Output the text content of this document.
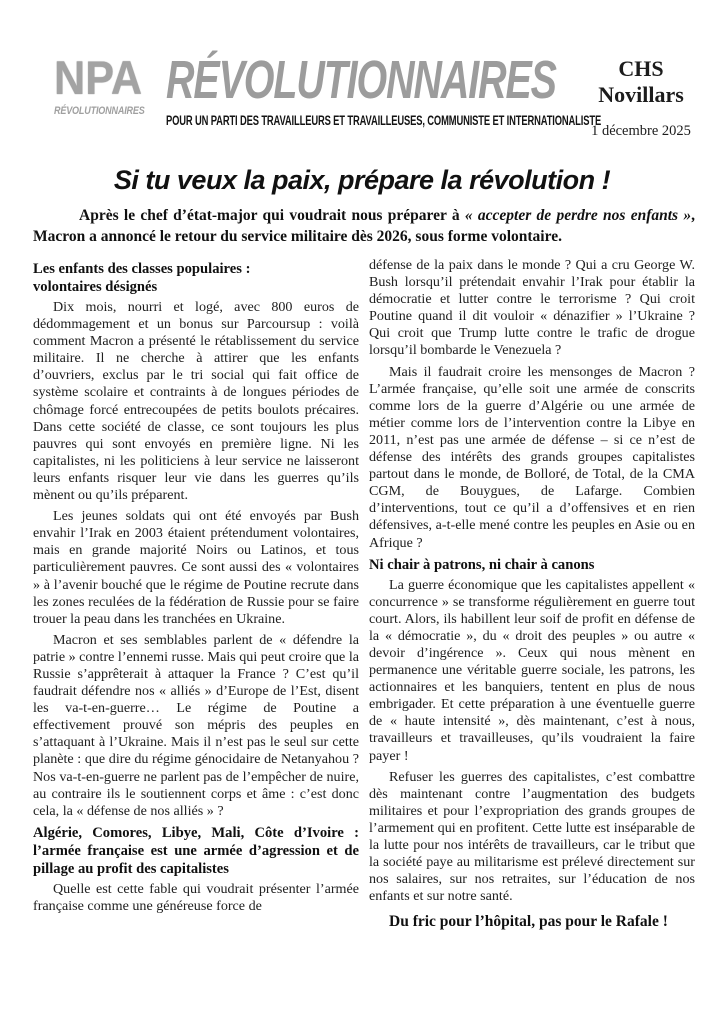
NPA
RÉVOLUTIONNAIRES
RÉVOLUTIONNAIRES
POUR UN PARTI DES TRAVAILLEURS ET TRAVAILLEUSES, COMMUNISTE ET INTERNATIONALISTE
CHS
Novillars
1 décembre 2025
Si tu veux la paix, prépare la révolution !
Après le chef d’état-major qui voudrait nous préparer à « accepter de perdre nos enfants », Macron a annoncé le retour du service militaire dès 2026, sous forme volontaire.
Les enfants des classes populaires :
volontaires désignés

Dix mois, nourri et logé, avec 800 euros de dédommagement et un bonus sur Parcoursup : voilà comment Macron a présenté le rétablissement du service militaire. Il ne cherche à attirer que les enfants d’ouvriers, exclus par le tri social qui fait office de système scolaire et contraints à de longues périodes de chômage forcé entrecoupées de petits boulots précaires. Dans cette société de classe, ce sont toujours les plus pauvres qui sont envoyés en première ligne. Ni les capitalistes, ni les politiciens à leur service ne laisseront leurs enfants risquer leur vie dans les guerres qu’ils mènent ou qu’ils préparent.

Les jeunes soldats qui ont été envoyés par Bush envahir l’Irak en 2003 étaient prétendument volontaires, mais en grande majorité Noirs ou Latinos, et tous particulièrement pauvres. Ce sont aussi des « volontaires » à l’avenir bouché que le régime de Poutine recrute dans les zones reculées de la fédération de Russie pour se faire trouer la peau dans les tranchées en Ukraine.

Macron et ses semblables parlent de « défendre la patrie » contre l’ennemi russe. Mais qui peut croire que la Russie s’apprêterait à attaquer la France ? C’est qu’il faudrait défendre nos « alliés » d’Europe de l’Est, disent les va-t-en-guerre… Le régime de Poutine a effectivement prouvé son mépris des peuples en s’attaquant à l’Ukraine. Mais il n’est pas le seul sur cette planète : que dire du régime génocidaire de Netanyahou ? Nos va-t-en-guerre ne parlent pas de l’empêcher de nuire, au contraire ils le soutiennent corps et âme : c’est donc cela, la « défense de nos alliés » ?

Algérie, Comores, Libye, Mali, Côte d’Ivoire : l’armée française est une armée d’agression et de pillage au profit des capitalistes

Quelle est cette fable qui voudrait présenter l’armée française comme une généreuse force de

défense de la paix dans le monde ? Qui a cru George W. Bush lorsqu’il prétendait envahir l’Irak pour établir la démocratie et lutter contre le terrorisme ? Qui croit Poutine quand il dit vouloir « dénazifier » l’Ukraine ? Qui croit que Trump lutte contre le trafic de drogue lorsqu’il bombarde le Venezuela ?

Mais il faudrait croire les mensonges de Macron ? L’armée française, qu’elle soit une armée de conscrits comme lors de la guerre d’Algérie ou une armée de métier comme lors de l’intervention contre la Libye en 2011, n’est pas une armée de défense – si ce n’est de défense des intérêts des grands groupes capitalistes partout dans le monde, de Bolloré, de Total, de la CMA CGM, de Bouygues, de Lafarge. Combien d’interventions, tout ce qu’il a d’offensives et en rien défensives, a-t-elle mené contre les peuples en Asie ou en Afrique ?

Ni chair à patrons, ni chair à canons

La guerre économique que les capitalistes appellent « concurrence » se transforme régulièrement en guerre tout court. Alors, ils habillent leur soif de profit en défense de la « démocratie », du « droit des peuples » ou autre « devoir d’ingérence ». Ceux qui nous mènent en permanence une véritable guerre sociale, les patrons, les actionnaires et les banquiers, tentent en plus de nous embrigader. Et cette préparation à une éventuelle guerre de « haute intensité », dès maintenant, c’est à nous, travailleurs et travailleuses, qu’ils voudraient la faire payer !

Refuser les guerres des capitalistes, c’est combattre dès maintenant contre l’augmentation des budgets militaires et pour l’expropriation des grands groupes de l’armement qui en profitent. Cette lutte est inséparable de la lutte pour nos intérêts de travailleurs, car le tribut que la société paye au militarisme est prélevé directement sur nos salaires, sur nos retraites, sur l’éducation de nos enfants et sur notre santé.

Du fric pour l’hôpital, pas pour le Rafale !
